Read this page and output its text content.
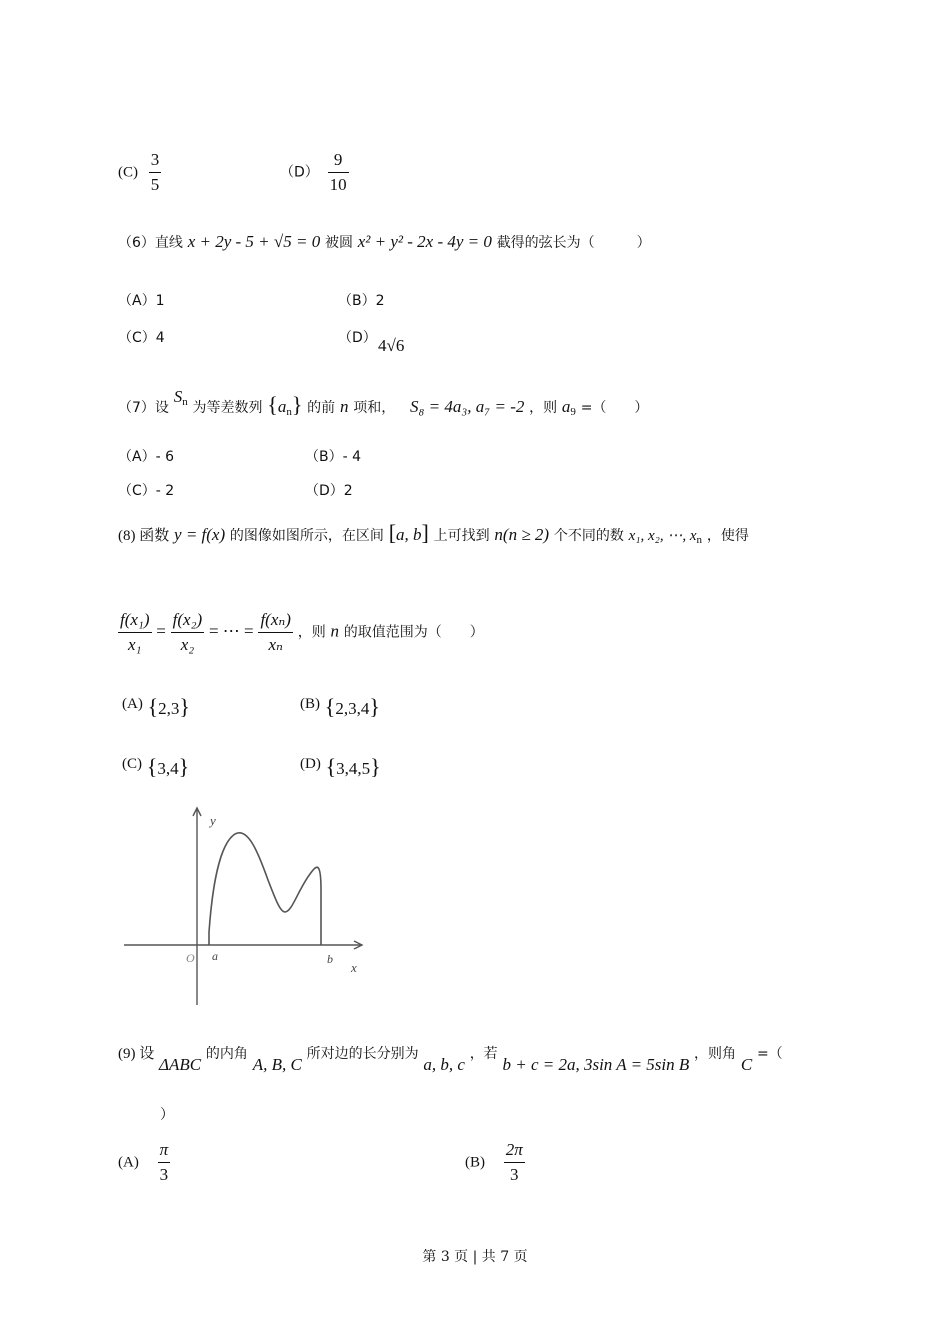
$(C) \frac{3}{5}$	$(D) \frac{9}{10}$
（6）直线 x + 2y - 5 + √5 = 0 被圆 x² + y² - 2x - 4y = 0 截得的弦长为（　　　）
（A）1	（B）2
（C）4	（D） 4√6
（7）设 $S_n$ 为等差数列 $\{a_n\}$ 的前 n 项和， S₈ = 4a₃, a₇ = -2 ，则 $a_9$ =（　　）
（A）- 6	（B）- 4
（C）- 2	（D）2
(8) 函数 y = f(x) 的图像如图所示，在区间 [a, b] 上可找到 n(n ≥ 2) 个不同的数 x₁, x₂, ⋯, $x_n$ ，使得
$\frac{\text{f(x₁)}}{\text{x₁}} = \frac{\text{f(x₂)}}{\text{x₂}}$ = ⋯ = $\frac{\text{f(xₙ)}}{\text{xₙ}}$ ，则 n 的取值范围为（　　）
(A) {2,3}	(B) {2,3,4}
(C) {3,4}	(D) {3,4,5}
y
x
a	b
O
(9) 设 ΔABC 的内角 A, B, C 所对边的长分别为 a, b, c ，若 b + c = 2a, 3sin A = 5sin B ，则角 C =（
）
$(A) \frac{\pi}{3}$	$(B) \frac{2\pi}{3}$
第 3 页 | 共 7 页
